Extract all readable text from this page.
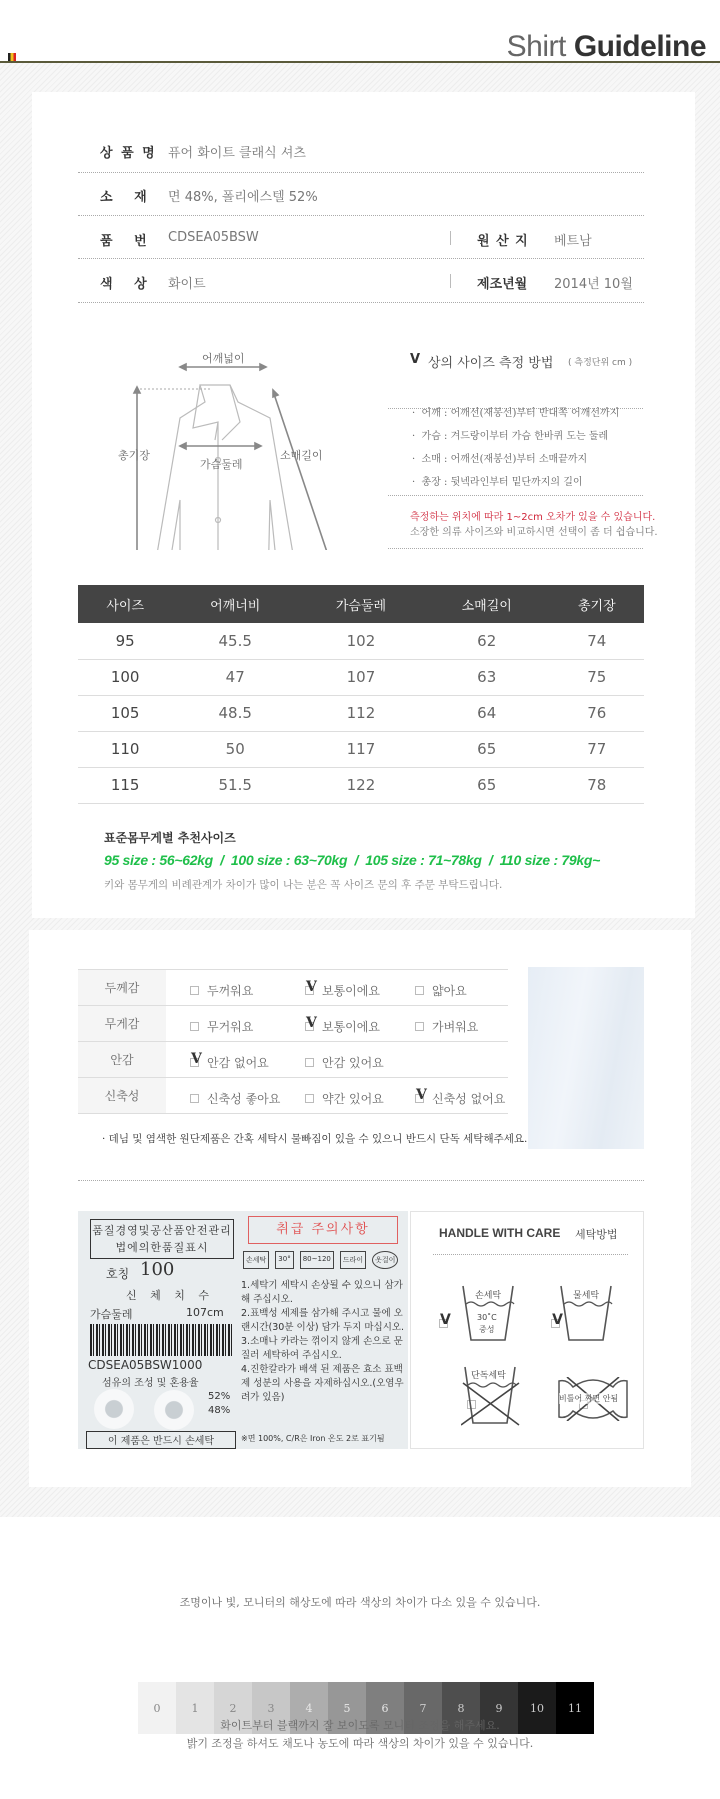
Shirt Guideline
상 품 명 퓨어 화이트 클래식 셔츠
소   재 면 48%, 폴리에스텔 52%
품   번 CDSEA05BSW	원 산 지 베트남
색   상 화이트	제조년월 2014년 10월
어깨넓이
총기장
가슴둘레
소매길이
V 상의 사이즈 측정 방법 ( 측정단위 cm )
·  어깨 : 어깨선(재봉선)부터 반대쪽 어깨선까지
·  가슴 : 겨드랑이부터 가슴 한바퀴 도는 둘레
·  소매 : 어깨선(재봉선)부터 소매끝까지
·  총장 : 뒷넥라인부터 밑단까지의 길이
측정하는 위치에 따라 1~2cm 오차가 있을 수 있습니다.
소장한 의류 사이즈와 비교하시면 선택이 좀 더 쉽습니다.
사이즈	어깨너비	가슴둘레	소매길이	총기장
95	45.5	102	62	74
100	47	107	63	75
105	48.5	112	64	76
110	50	117	65	77
115	51.5	122	65	78
표준몸무게별 추천사이즈
95 size : 56~62kg  /  100 size : 63~70kg  /  105 size : 71~78kg  /  110 size : 79kg~
키와 몸무게의 비례관계가 차이가 많이 나는 분은 꼭 사이즈 문의 후 주문 부탁드립니다.
두께감	두꺼워요 V 보통이에요 얇아요

무게감	무거워요 V 보통이에요 가벼워요

안감	
V안감 없어요 안감 있어요

신축성	신축성 좋아요 약간 있어요 V 신축성 없어요
· 데님 및 염색한 원단제품은 간혹 세탁시 물빠짐이 있을 수 있으니 반드시 단독 세탁해주세요.
품질경영및공산품안전관리법에의한품질표시
호칭 100
신 체 치 수
가슴둘레	107cm
CDSEA05BSW1000
섬유의 조성 및 혼용율
52%
48%
이 제품은 반드시 손세탁
취급 주의사항
손세탁	30°	80~120	드라이	옷걸이
1.세탁기 세탁시 손상될 수 있으니 삼가해 주십시오.
2.표백성 세제를 삼가해 주시고 물에 오랜시간(30분 이상) 담가 두지 마십시오.
3.소매나 카라는 꺾이지 않게 손으로 문질러 세탁하여 주십시오.
4.진한칼라가 배색 된 제품은 효소 표백제 성분의 사용을 자제하십시오.(오염우려가 있음)
※면 100%, C/R은 Iron 온도 2로 표기됨
HANDLE WITH CARE 세탁방법
V
손세탁
30˚C
중성
V
물세탁

단독세탁
비틀어 짜면 안됨
조명이나 빛, 모니터의 해상도에 따라 색상의 차이가 다소 있을 수 있습니다.
0	1	2	3	4	5	6	7	8	9	10	11
화이트부터 블랙까지 잘 보이도록 모니터 조정을 해주세요.
밝기 조정을 하셔도 채도나 농도에 따라 색상의 차이가 있을 수 있습니다.
